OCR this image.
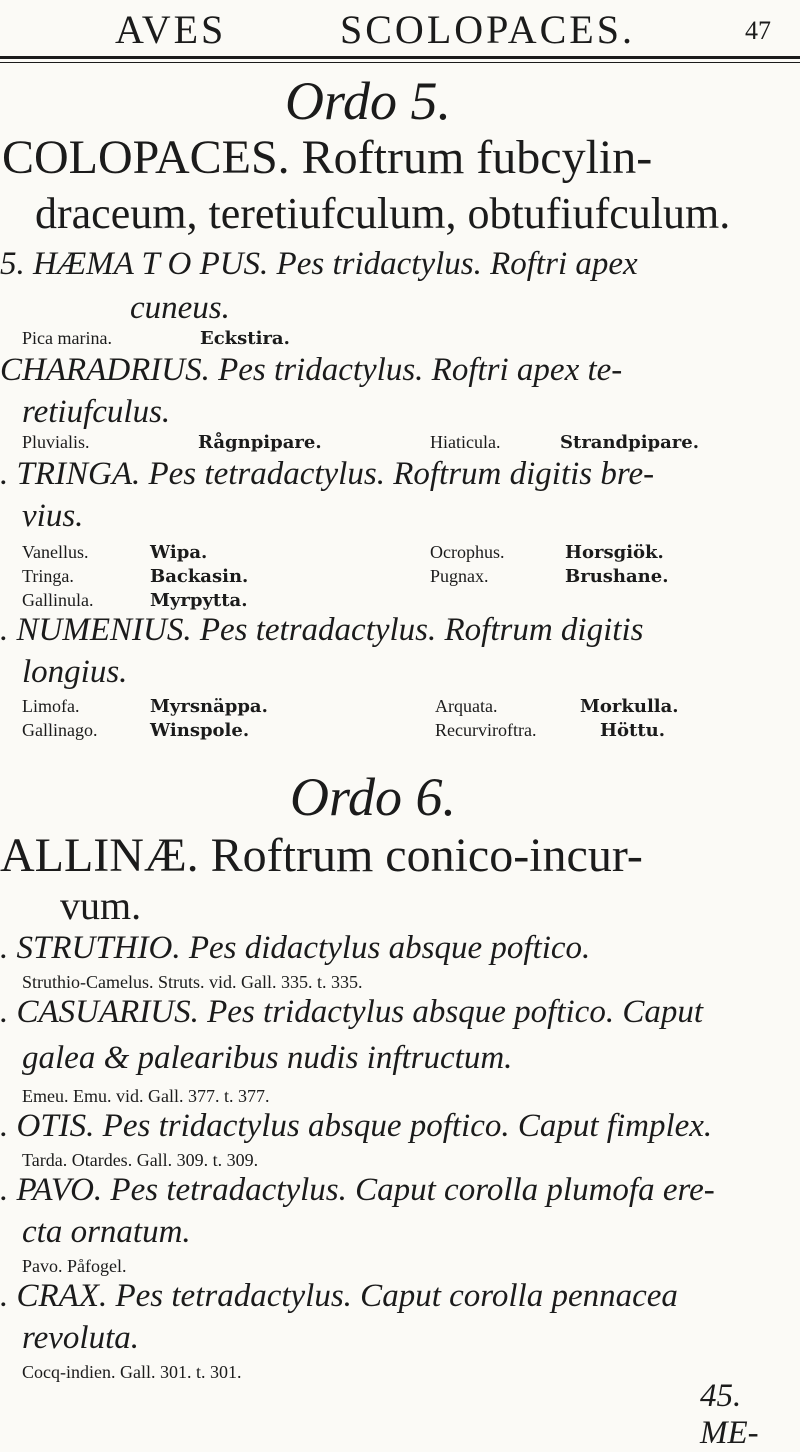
AVES	SCOLOPACES.	47
Ordo 5.
COLOPACES. Roftrum fubcylin-
draceum, teretiufculum, obtufiufculum.
5. HÆMA T O PUS. Pes tridactylus. Roftri apex
cuneus.
Pica marina.	Eckstira.
CHARADRIUS. Pes tridactylus. Roftri apex te-
retiufculus.
Pluvialis.	Rågnpipare.	Hiaticula.	Strandpipare.
. TRINGA. Pes tetradactylus. Roftrum digitis bre-
vius.
Vanellus.	Wipa.	Ocrophus.	Horsgiök.
Tringa.	Backasin.	Pugnax.	Brushane.
Gallinula.	Myrpytta.
. NUMENIUS. Pes tetradactylus. Roftrum digitis
longius.
Limofa.	Myrsnäppa.	Arquata.	Morkulla.
Gallinago.	Winspole.	Recurviroftra.	Höttu.
Ordo 6.
ALLINÆ. Roftrum conico-incur-
vum.
. STRUTHIO. Pes didactylus absque poftico.
Struthio-Camelus. Struts. vid. Gall. 335. t. 335.
. CASUARIUS. Pes tridactylus absque poftico. Caput
galea & palearibus nudis inftructum.
Emeu. Emu. vid. Gall. 377. t. 377.
. OTIS. Pes tridactylus absque poftico. Caput fimplex.
Tarda. Otardes. Gall. 309. t. 309.
. PAVO. Pes tetradactylus. Caput corolla plumofa ere-
cta ornatum.
Pavo. Påfogel.
. CRAX. Pes tetradactylus. Caput corolla pennacea
revoluta.
Cocq-indien. Gall. 301. t. 301.
45. ME-
